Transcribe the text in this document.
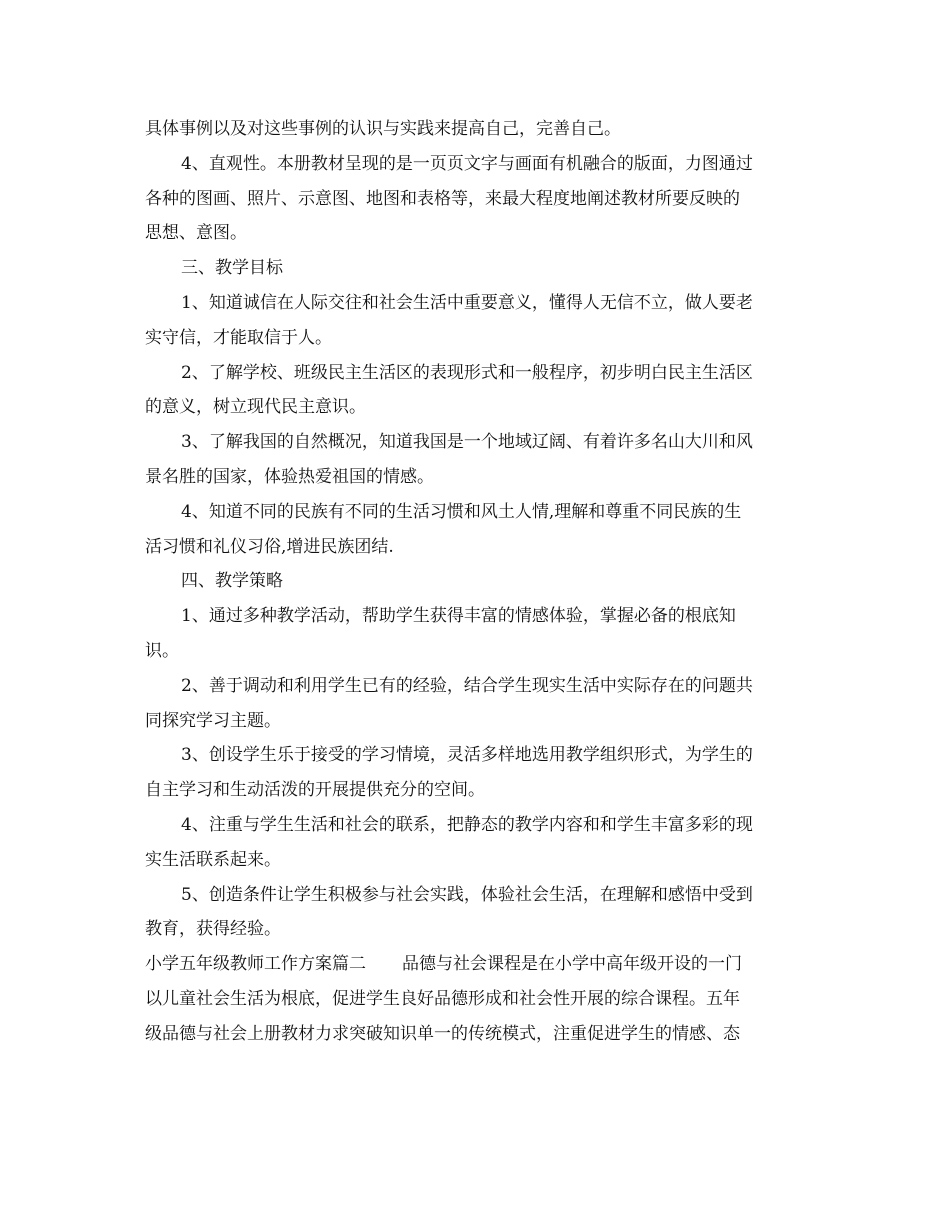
具体事例以及对这些事例的认识与实践来提高自己，完善自己。
4、直观性。本册教材呈现的是一页页文字与画面有机融合的版面，力图通过
各种的图画、照片、示意图、地图和表格等，来最大程度地阐述教材所要反映的
思想、意图。
三、教学目标
1、知道诚信在人际交往和社会生活中重要意义，懂得人无信不立，做人要老
实守信，才能取信于人。
2、了解学校、班级民主生活区的表现形式和一般程序，初步明白民主生活区
的意义，树立现代民主意识。
3、了解我国的自然概况，知道我国是一个地域辽阔、有着许多名山大川和风
景名胜的国家，体验热爱祖国的情感。
4、知道不同的民族有不同的生活习惯和风土人情,理解和尊重不同民族的生
活习惯和礼仪习俗,增进民族团结.
四、教学策略
1、通过多种教学活动，帮助学生获得丰富的情感体验，掌握必备的根底知
识。
2、善于调动和利用学生已有的经验，结合学生现实生活中实际存在的问题共
同探究学习主题。
3、创设学生乐于接受的学习情境，灵活多样地选用教学组织形式，为学生的
自主学习和生动活泼的开展提供充分的空间。
4、注重与学生生活和社会的联系，把静态的教学内容和和学生丰富多彩的现
实生活联系起来。
5、创造条件让学生积极参与社会实践，体验社会生活，在理解和感悟中受到
教育，获得经验。
小学五年级教师工作方案篇二 品德与社会课程是在小学中高年级开设的一门
以儿童社会生活为根底，促进学生良好品德形成和社会性开展的综合课程。五年
级品德与社会上册教材力求突破知识单一的传统模式，注重促进学生的情感、态
